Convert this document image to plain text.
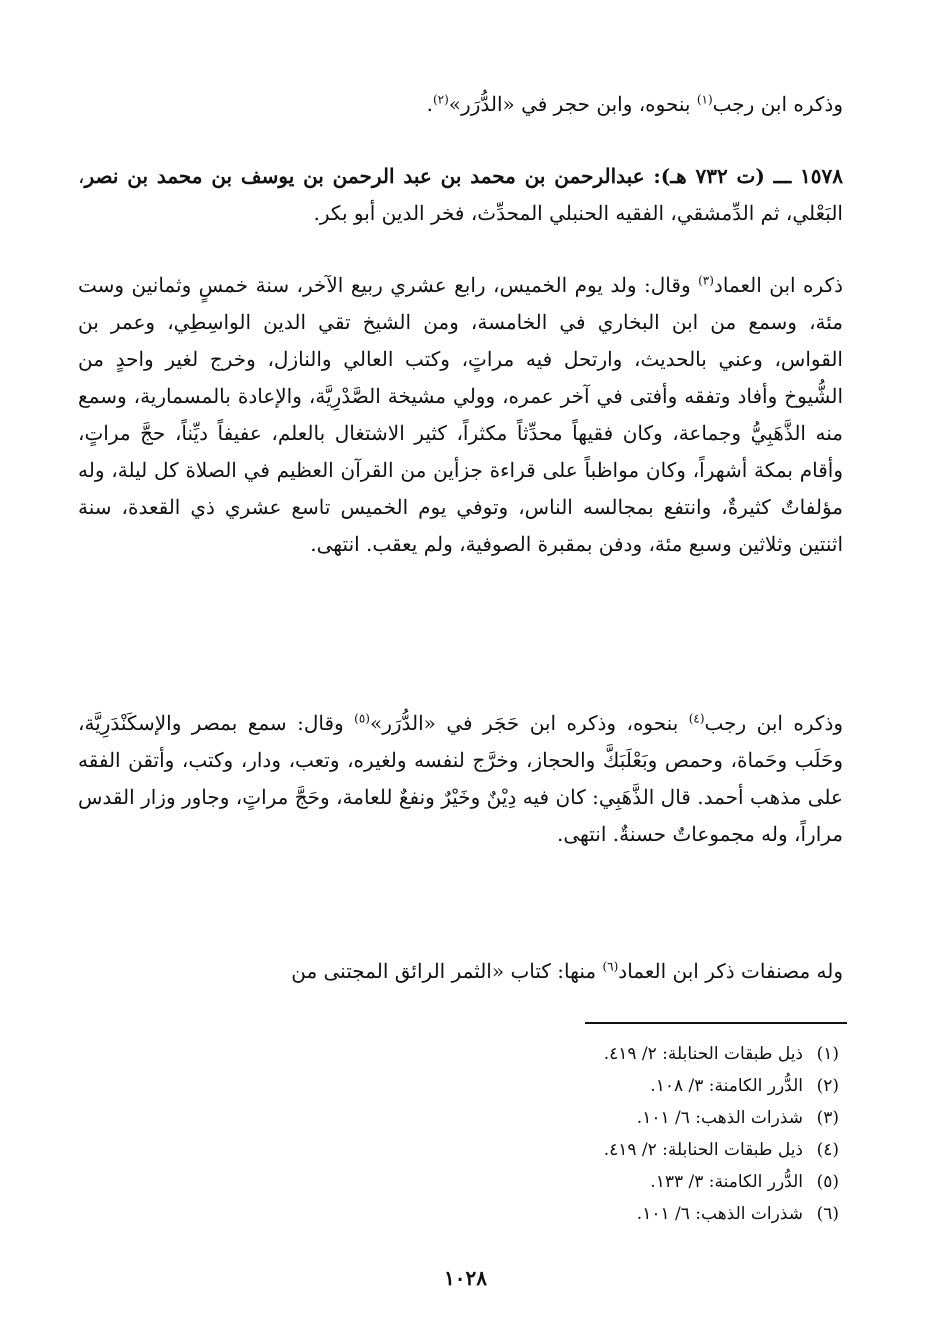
وذكره ابن رجب$^{(١)}$ بنحوه، وابن حجر في «الدُّرَر»$^{(٢)}$.

١٥٧٨ ـــ (ت ٧٣٢ هـ): عبدالرحمن بن محمد بن عبد الرحمن بن يوسف بن محمد بن نصر، البَعْلي، ثم الدِّمشقي، الفقيه الحنبلي المحدِّث، فخر الدين أبو بكر.

ذكره ابن العماد$^{(٣)}$ وقال: ولد يوم الخميس، رابع عشري ربيع الآخر، سنة خمسٍ وثمانين وست مئة، وسمع من ابن البخاري في الخامسة، ومن الشيخ تقي الدين الواسِطِي، وعمر بن القواس، وعني بالحديث، وارتحل فيه مراتٍ، وكتب العالي والنازل، وخرج لغير واحدٍ من الشُّيوخ وأفاد وتفقه وأفتى في آخر عمره، وولي مشيخة الصَّدْرِيَّة، والإعادة بالمسمارية، وسمع منه الذَّهَبِيُّ وجماعة، وكان فقيهاً محدِّثاً مكثراً، كثير الاشتغال بالعلم، عفيفاً ديِّناً، حجَّ مراتٍ، وأقام بمكة أشهراً، وكان مواظباً على قراءة جزأين من القرآن العظيم في الصلاة كل ليلة، وله مؤلفاتٌ كثيرةٌ، وانتفع بمجالسه الناس، وتوفي يوم الخميس تاسع عشري ذي القعدة، سنة اثنتين وثلاثين وسبع مئة، ودفن بمقبرة الصوفية، ولم يعقب. انتهى.

وذكره ابن رجب$^{(٤)}$ بنحوه، وذكره ابن حَجَر في «الدُّرَر»$^{(٥)}$ وقال: سمع بمصر والإسكَنْدَرِيَّة، وحَلَب وحَماة، وحمص وبَعْلَبَكَّ والحجاز، وخرَّج لنفسه ولغيره، وتعب، ودار، وكتب، وأتقن الفقه على مذهب أحمد. قال الذَّهَبِي: كان فيه دِيْنٌ وخَيْرٌ ونفعٌ للعامة، وحَجَّ مراتٍ، وجاور وزار القدس مراراً، وله مجموعاتٌ حسنةٌ. انتهى.

وله مصنفات ذكر ابن العماد$^{(٦)}$ منها: كتاب «الثمر الرائق المجتنى من

(١)ذيل طبقات الحنابلة: ٢/ ٤١٩.
(٢)الدُّرر الكامنة: ٣/ ١٠٨.
(٣)شذرات الذهب: ٦/ ١٠١.
(٤)ذيل طبقات الحنابلة: ٢/ ٤١٩.
(٥)الدُّرر الكامنة: ٣/ ١٣٣.
(٦)شذرات الذهب: ٦/ ١٠١.
١٠٢٨
